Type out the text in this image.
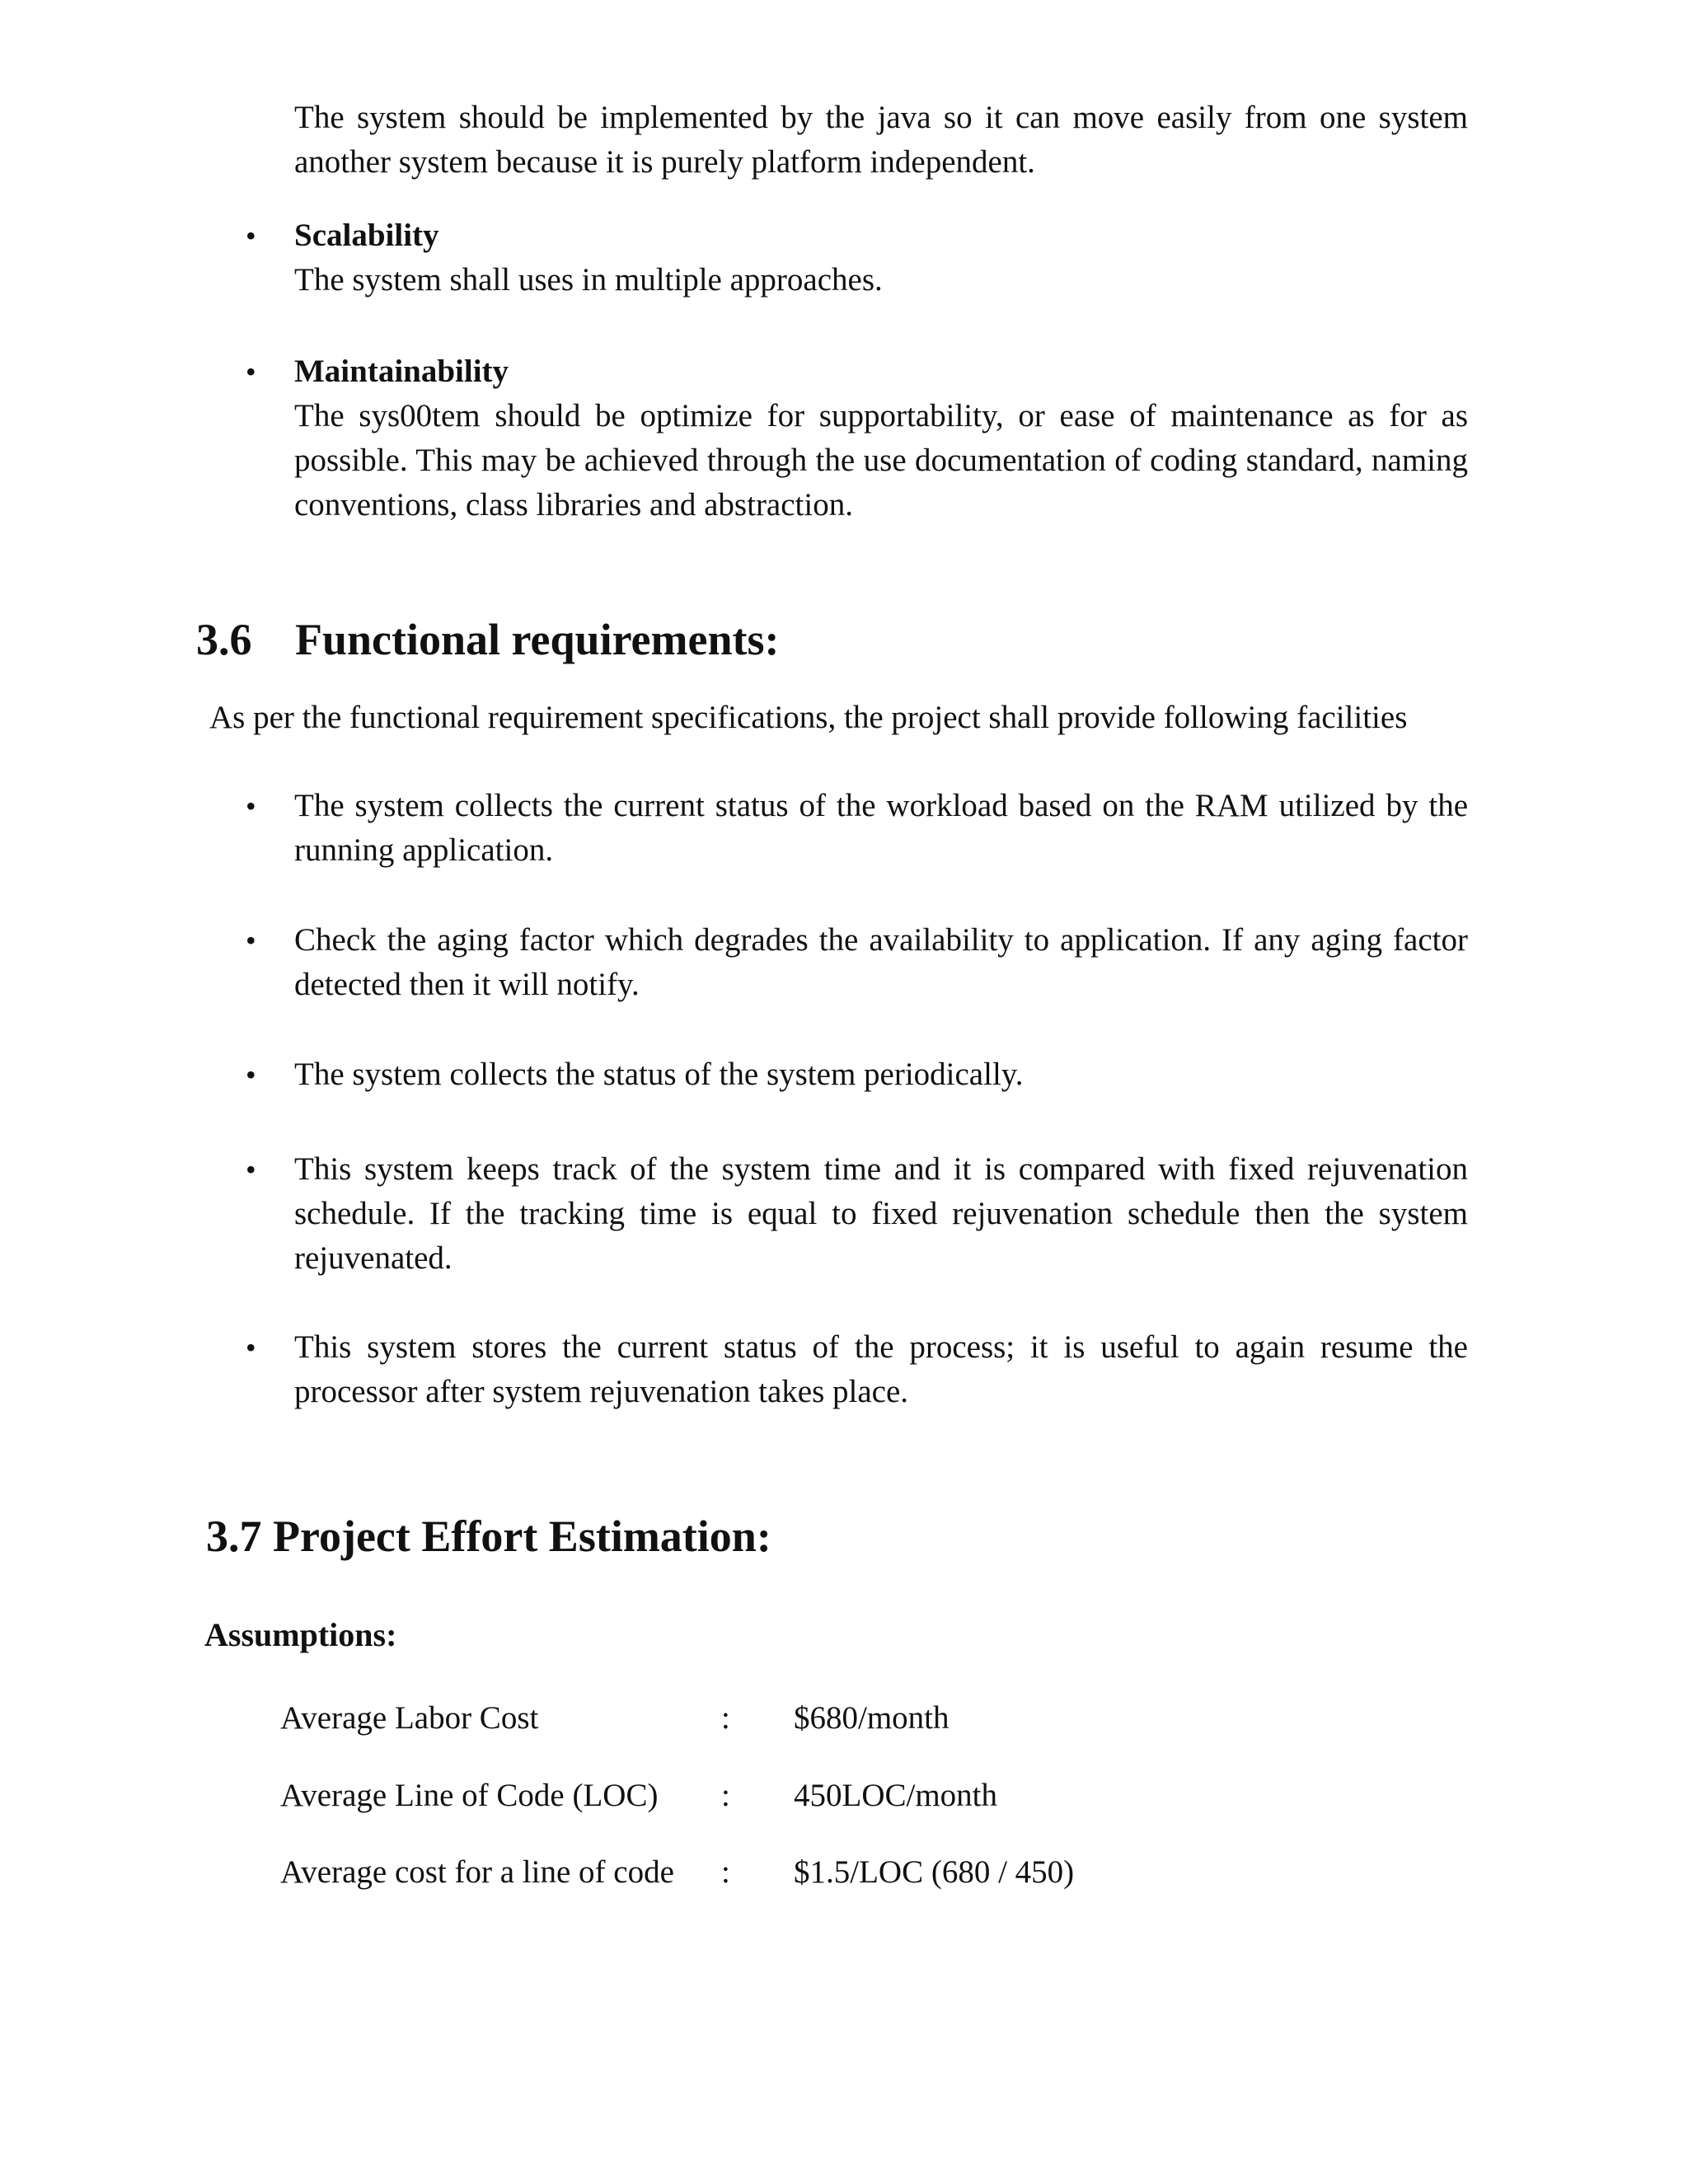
The system should be implemented by the java so it can move easily from one system another system because it is purely platform independent.

• Scalability

The system shall uses in multiple approaches.

• Maintainability

The sys00tem should be optimize for supportability, or ease of maintenance as for as possible. This may be achieved through the use documentation of coding standard, naming conventions, class libraries and abstraction.

3.6 Functional requirements:

As per the functional requirement specifications, the project shall provide following facilities

• The system collects the current status of the workload based on the RAM utilized by the running application.

• Check the aging factor which degrades the availability to application. If any aging factor detected then it will notify.

• The system collects the status of the system periodically.

• This system keeps track of the system time and it is compared with fixed rejuvenation schedule. If the tracking time is equal to fixed rejuvenation schedule then the system rejuvenated.

• This system stores the current status of the process; it is useful to again resume the processor after system rejuvenation takes place.

3.7 Project Effort Estimation:

Assumptions:

Average Labor Cost	: $680/month
Average Line of Code (LOC) : 450LOC/month
Average cost for a line of code : $1.5/LOC (680 / 450)
